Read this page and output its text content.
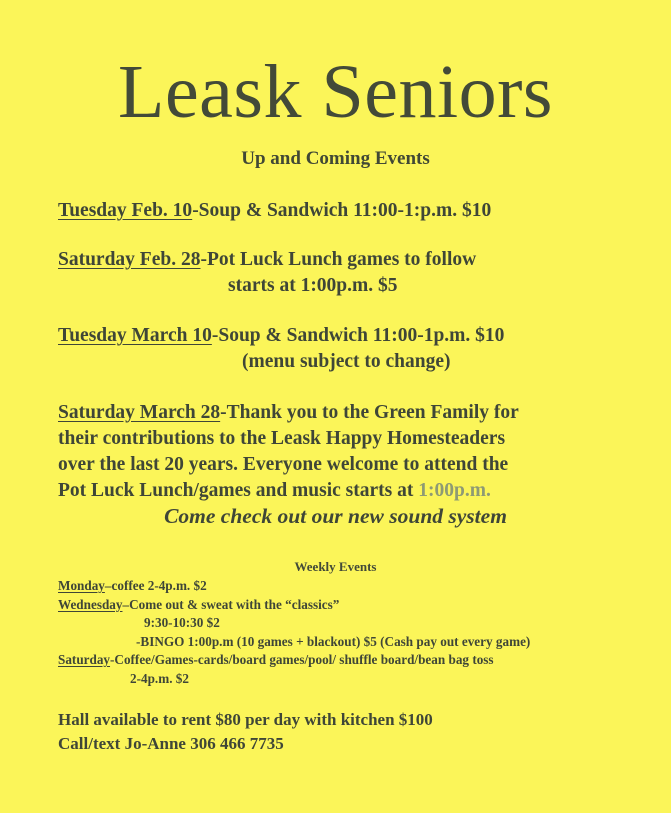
Leask Seniors
Up and Coming Events
Tuesday Feb. 10-Soup & Sandwich 11:00-1:p.m. $10
Saturday Feb. 28-Pot Luck Lunch games to follow
starts at 1:00p.m. $5
Tuesday March 10-Soup & Sandwich 11:00-1p.m. $10
(menu subject to change)
Saturday March 28-Thank you to the Green Family for
their contributions to the Leask Happy Homesteaders
over the last 20 years. Everyone welcome to attend the
Pot Luck Lunch/games and music starts at 1:00p.m.
Come check out our new sound system
Weekly Events
Monday–coffee 2-4p.m. $2
Wednesday–Come out & sweat with the “classics”
9:30-10:30 $2
-BINGO 1:00p.m (10 games + blackout) $5 (Cash pay out every game)
Saturday-Coffee/Games-cards/board games/pool/ shuffle board/bean bag toss
2-4p.m. $2
Hall available to rent $80 per day with kitchen $100
Call/text Jo-Anne 306 466 7735
